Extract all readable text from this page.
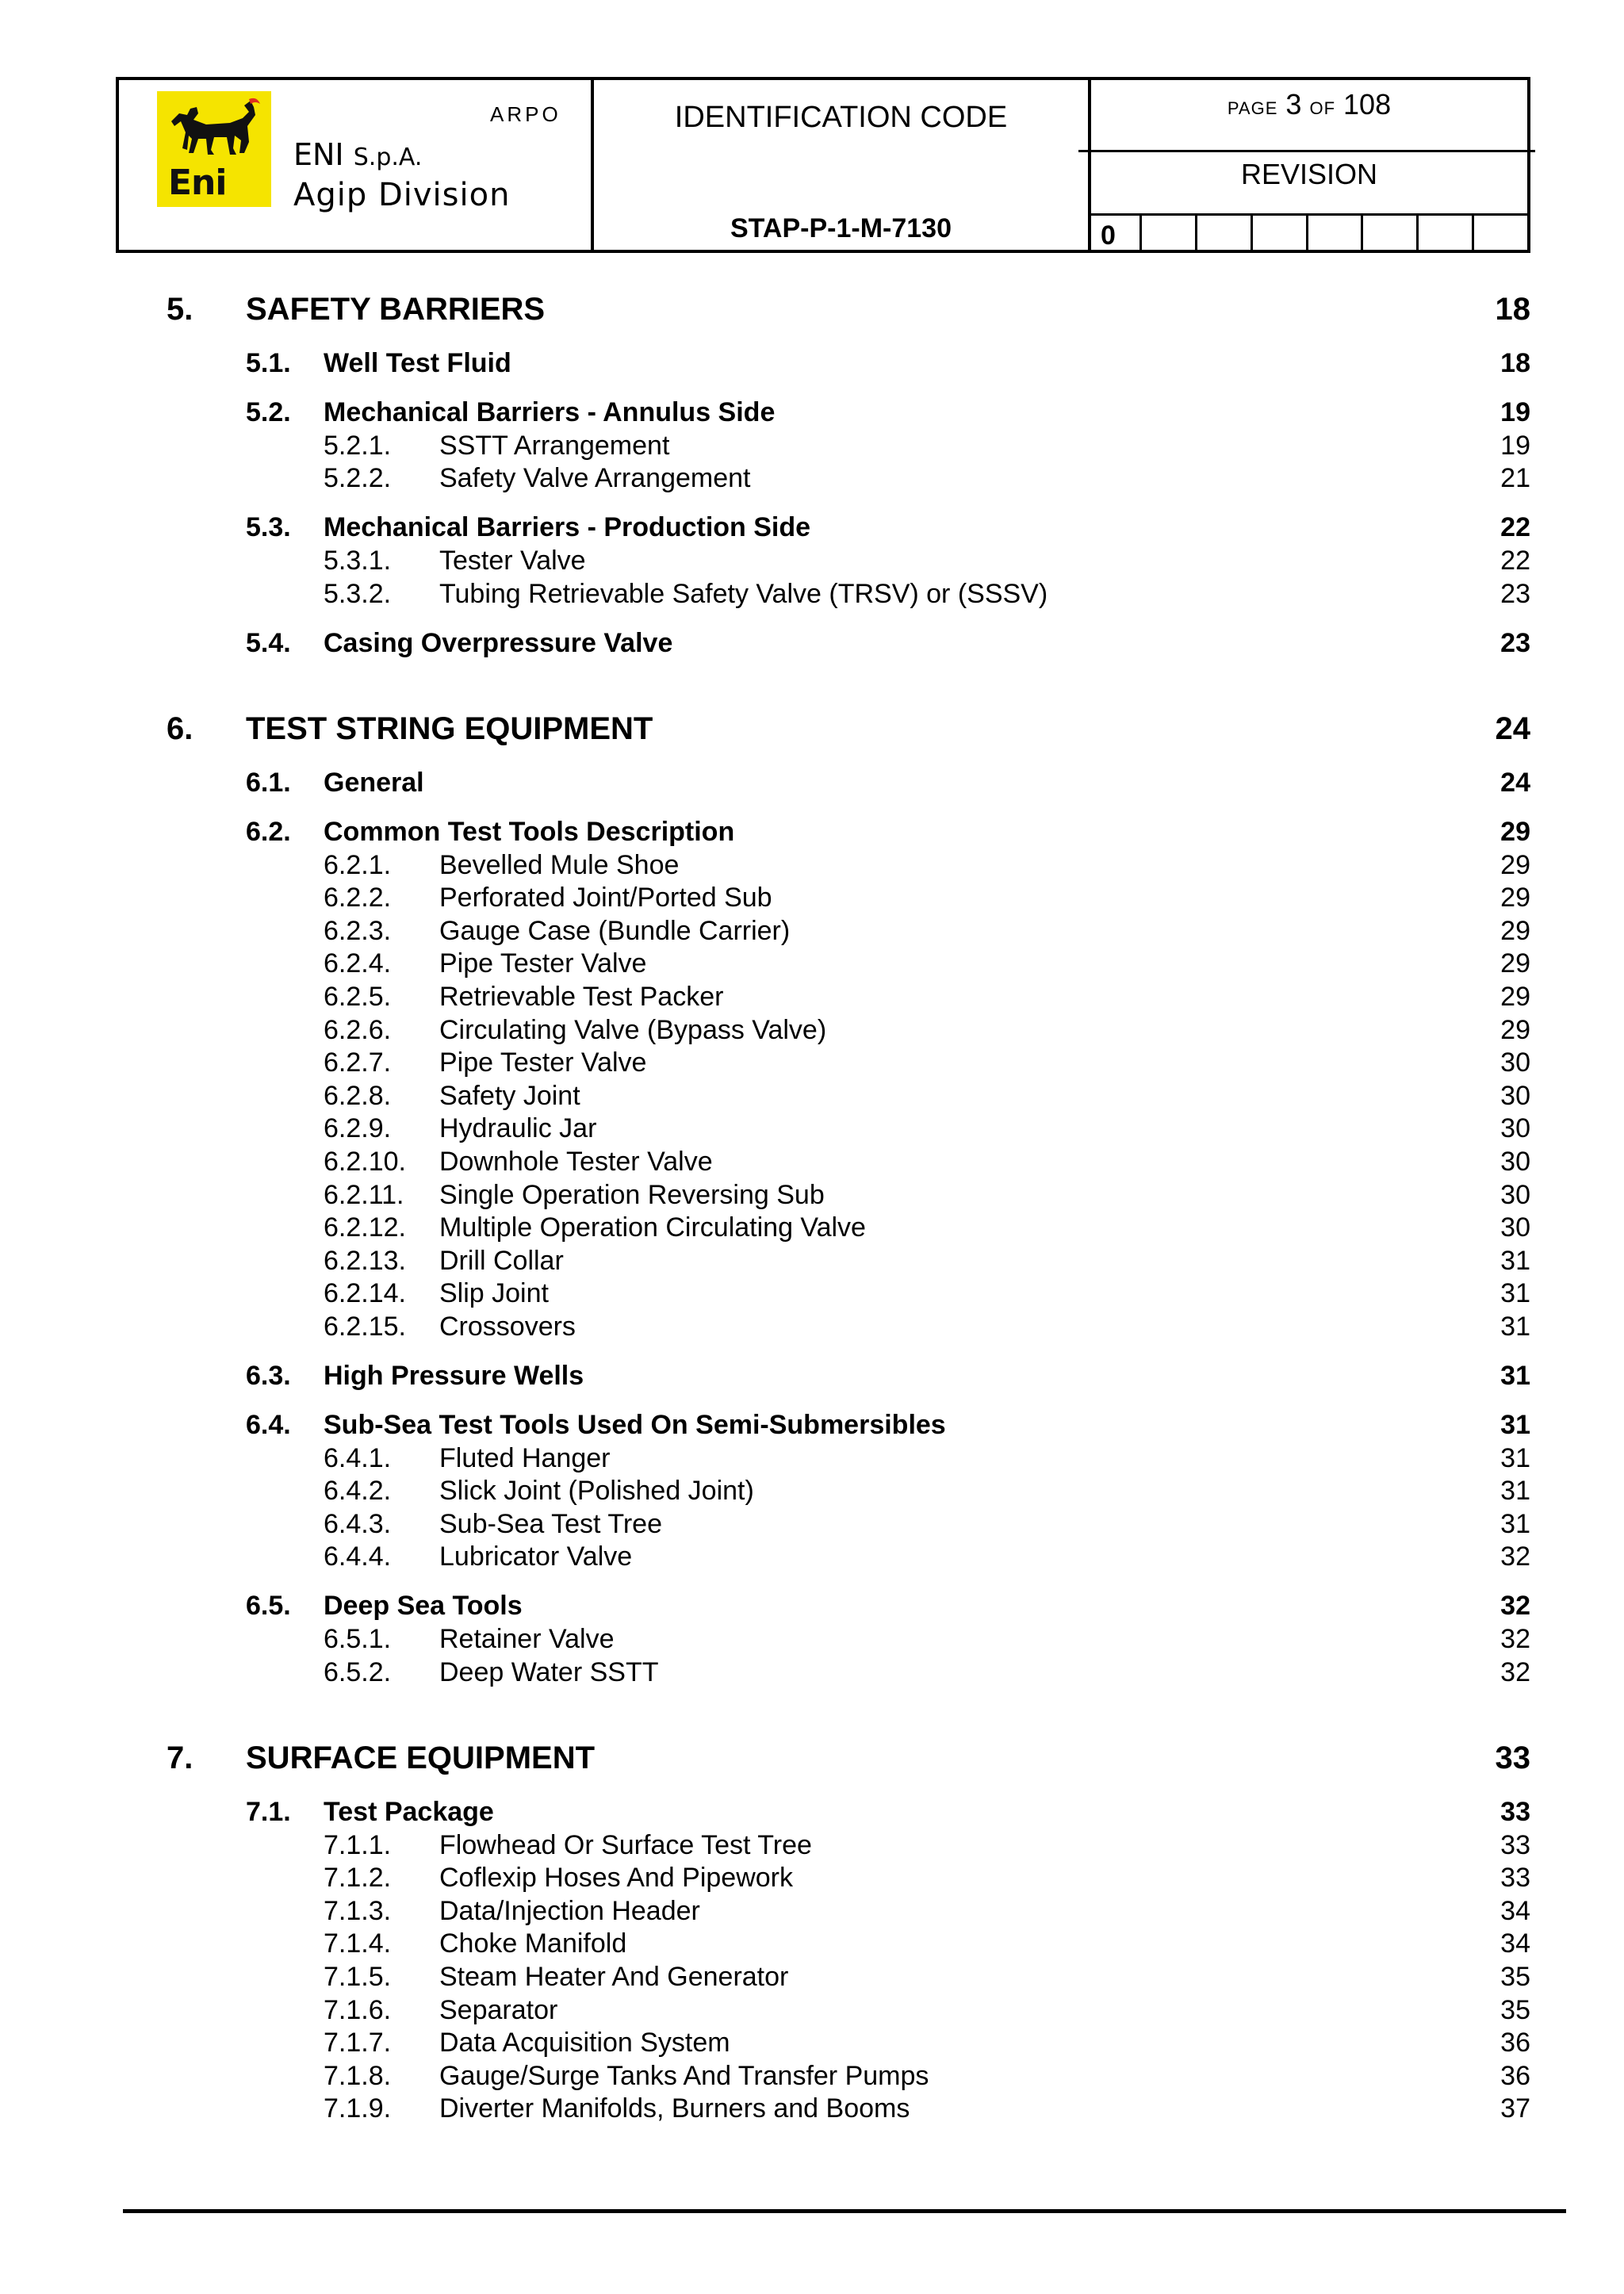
Eni
ARPO
ENI S.p.A.
Agip Division
IDENTIFICATION CODE
STAP-P-1-M-7130
PAGE 3 OF 108
REVISION
0
5. SAFETY BARRIERS	18
5.1. Well Test Fluid	18
5.2. Mechanical Barriers - Annulus Side	19
5.2.1. SSTT Arrangement	19
5.2.2. Safety Valve Arrangement	21
5.3. Mechanical Barriers - Production Side	22
5.3.1. Tester Valve	22
5.3.2. Tubing Retrievable Safety Valve (TRSV) or (SSSV)	23
5.4. Casing Overpressure Valve	23
6. TEST STRING EQUIPMENT	24
6.1. General	24
6.2. Common Test Tools Description	29
6.2.1. Bevelled Mule Shoe	29
6.2.2. Perforated Joint/Ported Sub	29
6.2.3. Gauge Case (Bundle Carrier)	29
6.2.4. Pipe Tester Valve	29
6.2.5. Retrievable Test Packer	29
6.2.6. Circulating Valve (Bypass Valve)	29
6.2.7. Pipe Tester Valve	30
6.2.8. Safety Joint	30
6.2.9. Hydraulic Jar	30
6.2.10. Downhole Tester Valve	30
6.2.11. Single Operation Reversing Sub	30
6.2.12. Multiple Operation Circulating Valve	30
6.2.13. Drill Collar	31
6.2.14. Slip Joint	31
6.2.15. Crossovers	31
6.3. High Pressure Wells	31
6.4. Sub-Sea Test Tools Used On Semi-Submersibles	31
6.4.1. Fluted Hanger	31
6.4.2. Slick Joint (Polished Joint)	31
6.4.3. Sub-Sea Test Tree	31
6.4.4. Lubricator Valve	32
6.5. Deep Sea Tools	32
6.5.1. Retainer Valve	32
6.5.2. Deep Water SSTT	32
7. SURFACE EQUIPMENT	33
7.1. Test Package	33
7.1.1. Flowhead Or Surface Test Tree	33
7.1.2. Coflexip Hoses And Pipework	33
7.1.3. Data/Injection Header	34
7.1.4. Choke Manifold	34
7.1.5. Steam Heater And Generator	35
7.1.6. Separator	35
7.1.7. Data Acquisition System	36
7.1.8. Gauge/Surge Tanks And Transfer Pumps	36
7.1.9. Diverter Manifolds, Burners and Booms	37
